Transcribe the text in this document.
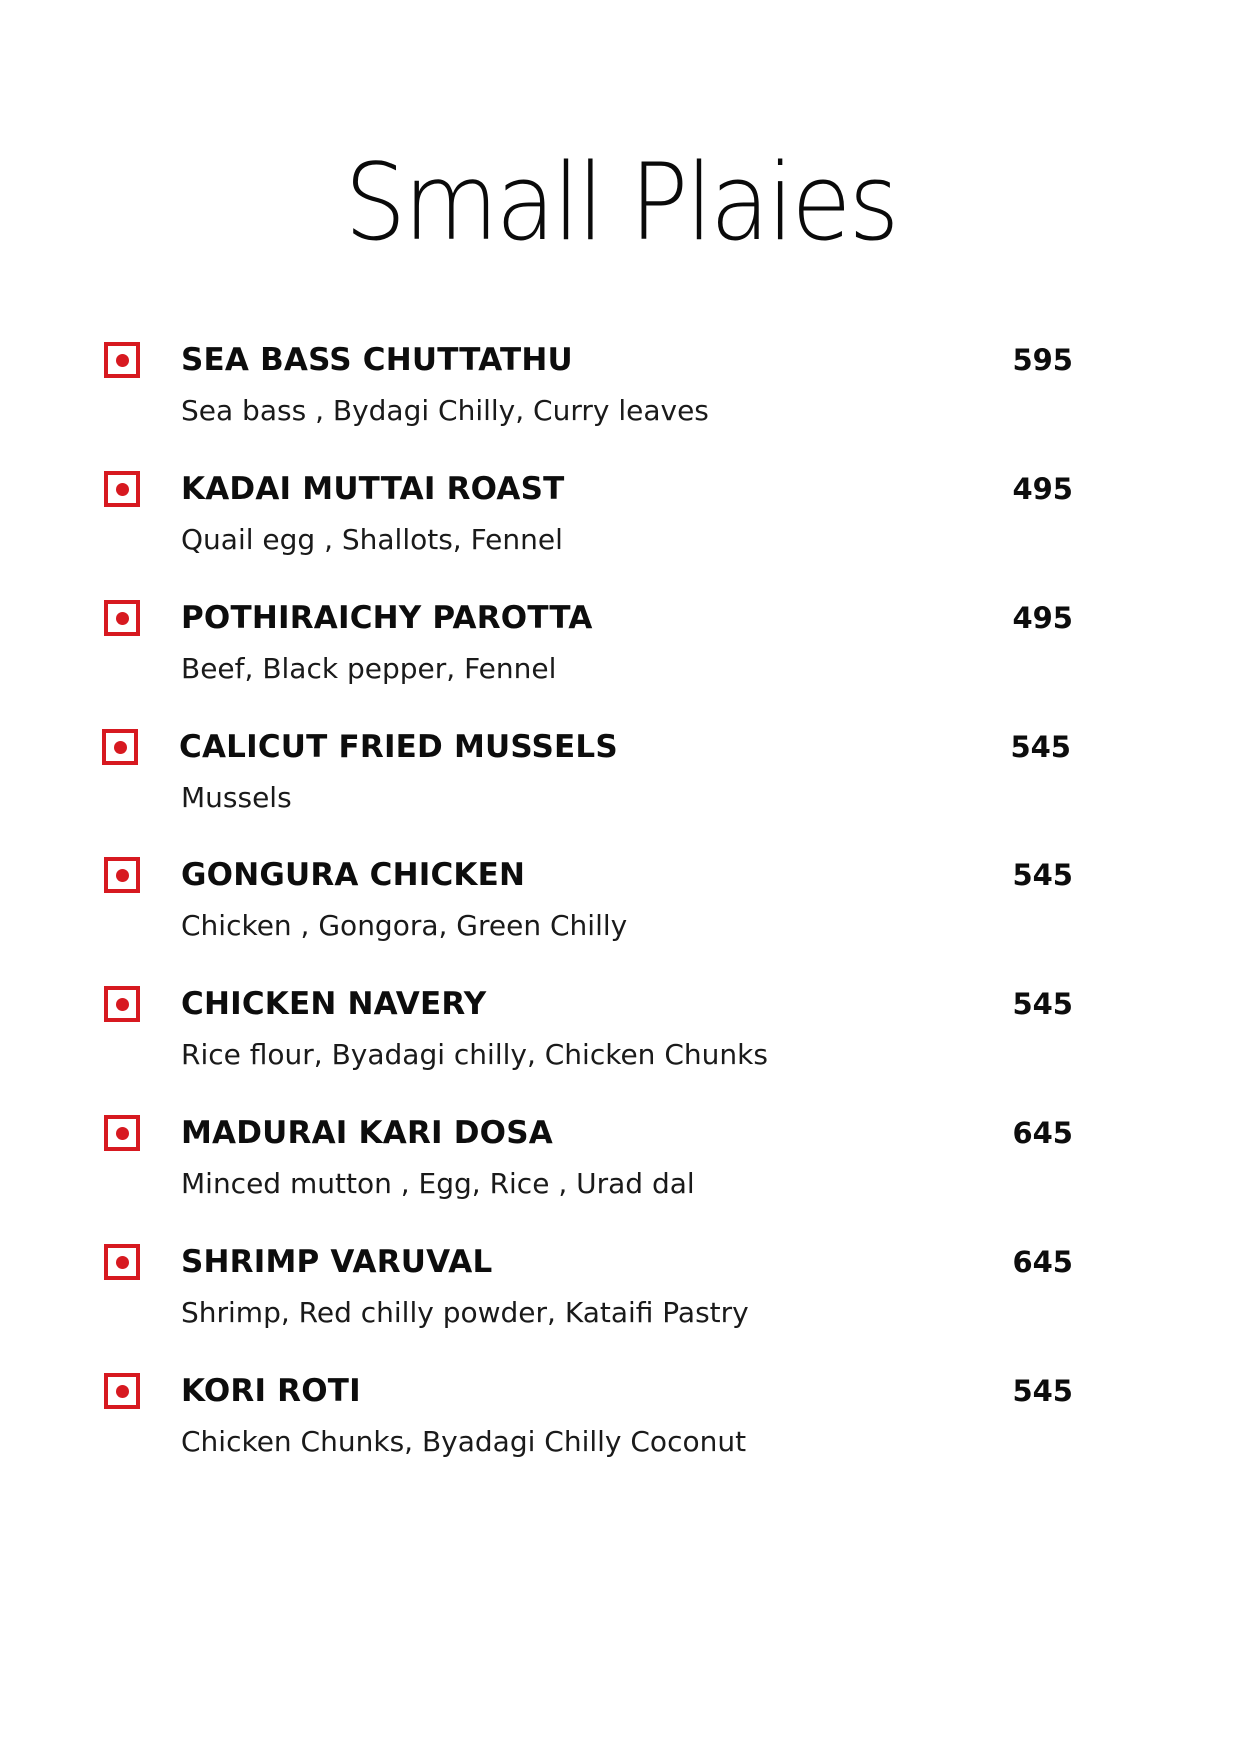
Small Plaies
SEA BASS CHUTTATHU	595
Sea bass , Bydagi Chilly, Curry leaves
KADAI MUTTAI ROAST	495
Quail egg , Shallots, Fennel
POTHIRAICHY PAROTTA	495
Beef, Black pepper, Fennel
CALICUT FRIED MUSSELS	545
Mussels
GONGURA CHICKEN	545
Chicken , Gongora, Green Chilly
CHICKEN NAVERY	545
Rice flour, Byadagi chilly, Chicken Chunks
MADURAI KARI DOSA	645
Minced mutton , Egg, Rice , Urad dal
SHRIMP VARUVAL	645
Shrimp, Red chilly powder, Kataifi Pastry
KORI ROTI	545
Chicken Chunks, Byadagi Chilly Coconut
